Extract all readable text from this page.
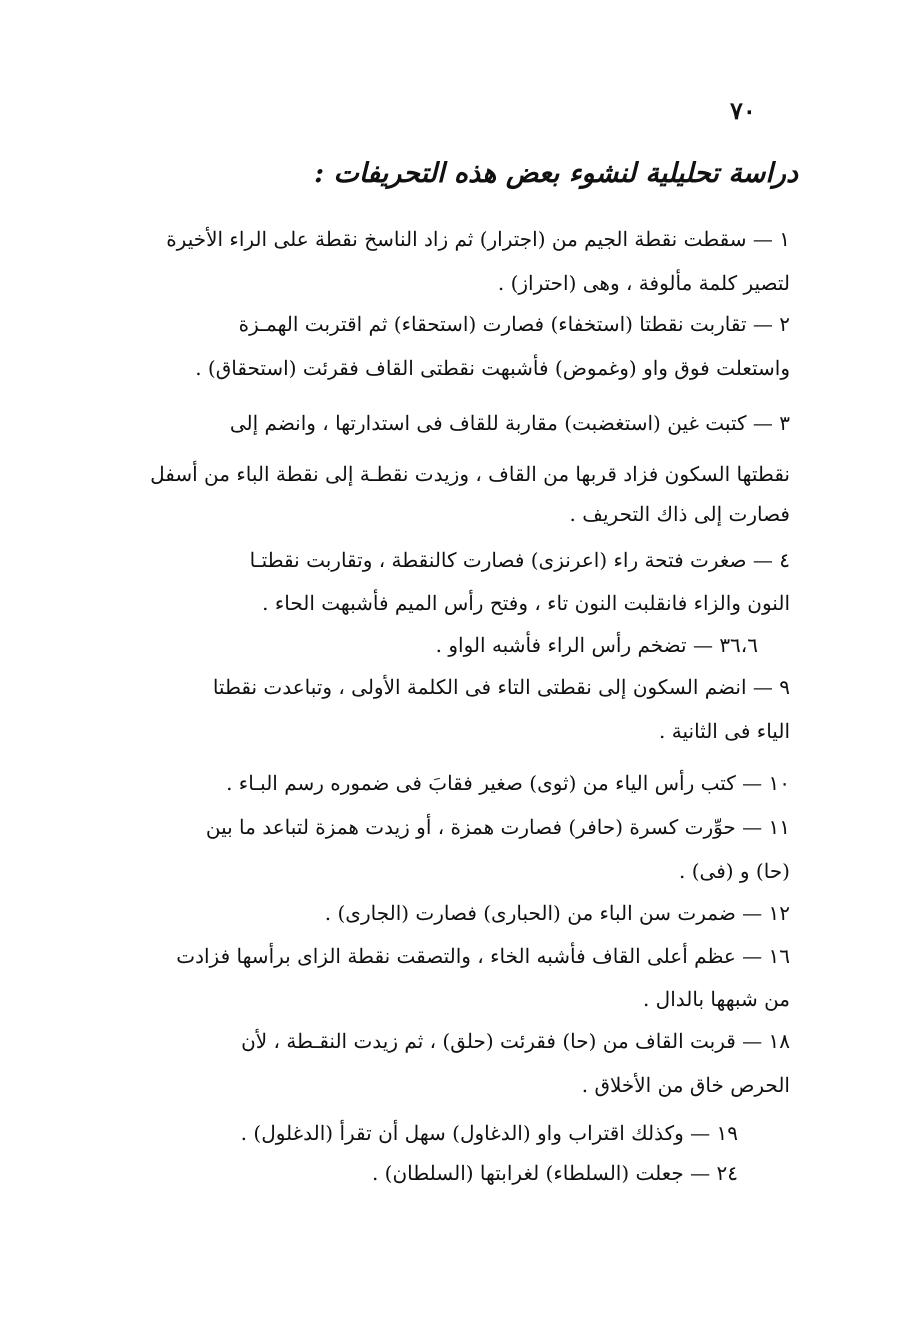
٧٠
دراسة تحليلية لنشوء بعض هذه التحريفات :
١ — سقطت نقطة الجيم من (اجترار) ثم زاد الناسخ نقطة على الراء الأخيرة
لتصير كلمة مألوفة ، وهى (احتراز) .
٢ — تقاربت نقطتا (استخفاء) فصارت (استحقاء) ثم اقتربت الهمـزة
واستعلت فوق واو (وغموض) فأشبهت نقطتى القاف فقرئت (استحقاق) .
٣ — كتبت غين (استغضبت) مقاربة للقاف فى استدارتها ، وانضم إلى
نقطتها السكون فزاد قربها من القاف ، وزيدت نقطـة إلى نقطة الباء من أسفل
فصارت إلى ذاك التحريف .
٤ — صغرت فتحة راء (اعرنزى) فصارت كالنقطة ، وتقاربت نقطتـا
النون والزاء فانقلبت النون تاء ، وفتح رأس الميم فأشبهت الحاء .
٣٦،٦ — تضخم رأس الراء فأشبه الواو .
٩ — انضم السكون إلى نقطتى التاء فى الكلمة الأولى ، وتباعدت نقطتا
الياء فى الثانية .
١٠ — كتب رأس الياء من (ثوى) صغير فقابَ فى ضموره رسم البـاء .
١١ — حوِّرت كسرة (حافر) فصارت همزة ، أو زيدت همزة لتباعد ما بين
(حا) و (فى) .
١٢ — ضمرت سن الباء من (الحبارى) فصارت (الجارى) .
١٦ — عظم أعلى القاف فأشبه الخاء ، والتصقت نقطة الزاى برأسها فزادت
من شبهها بالدال .
١٨ — قربت القاف من (حا) فقرئت (حلق) ، ثم زيدت النقـطة ، لأن
الحرص خاق من الأخلاق .
١٩ — وكذلك اقتراب واو (الدغاول) سهل أن تقرأ (الدغلول) .
٢٤ — جعلت (السلطاء) لغرابتها (السلطان) .
